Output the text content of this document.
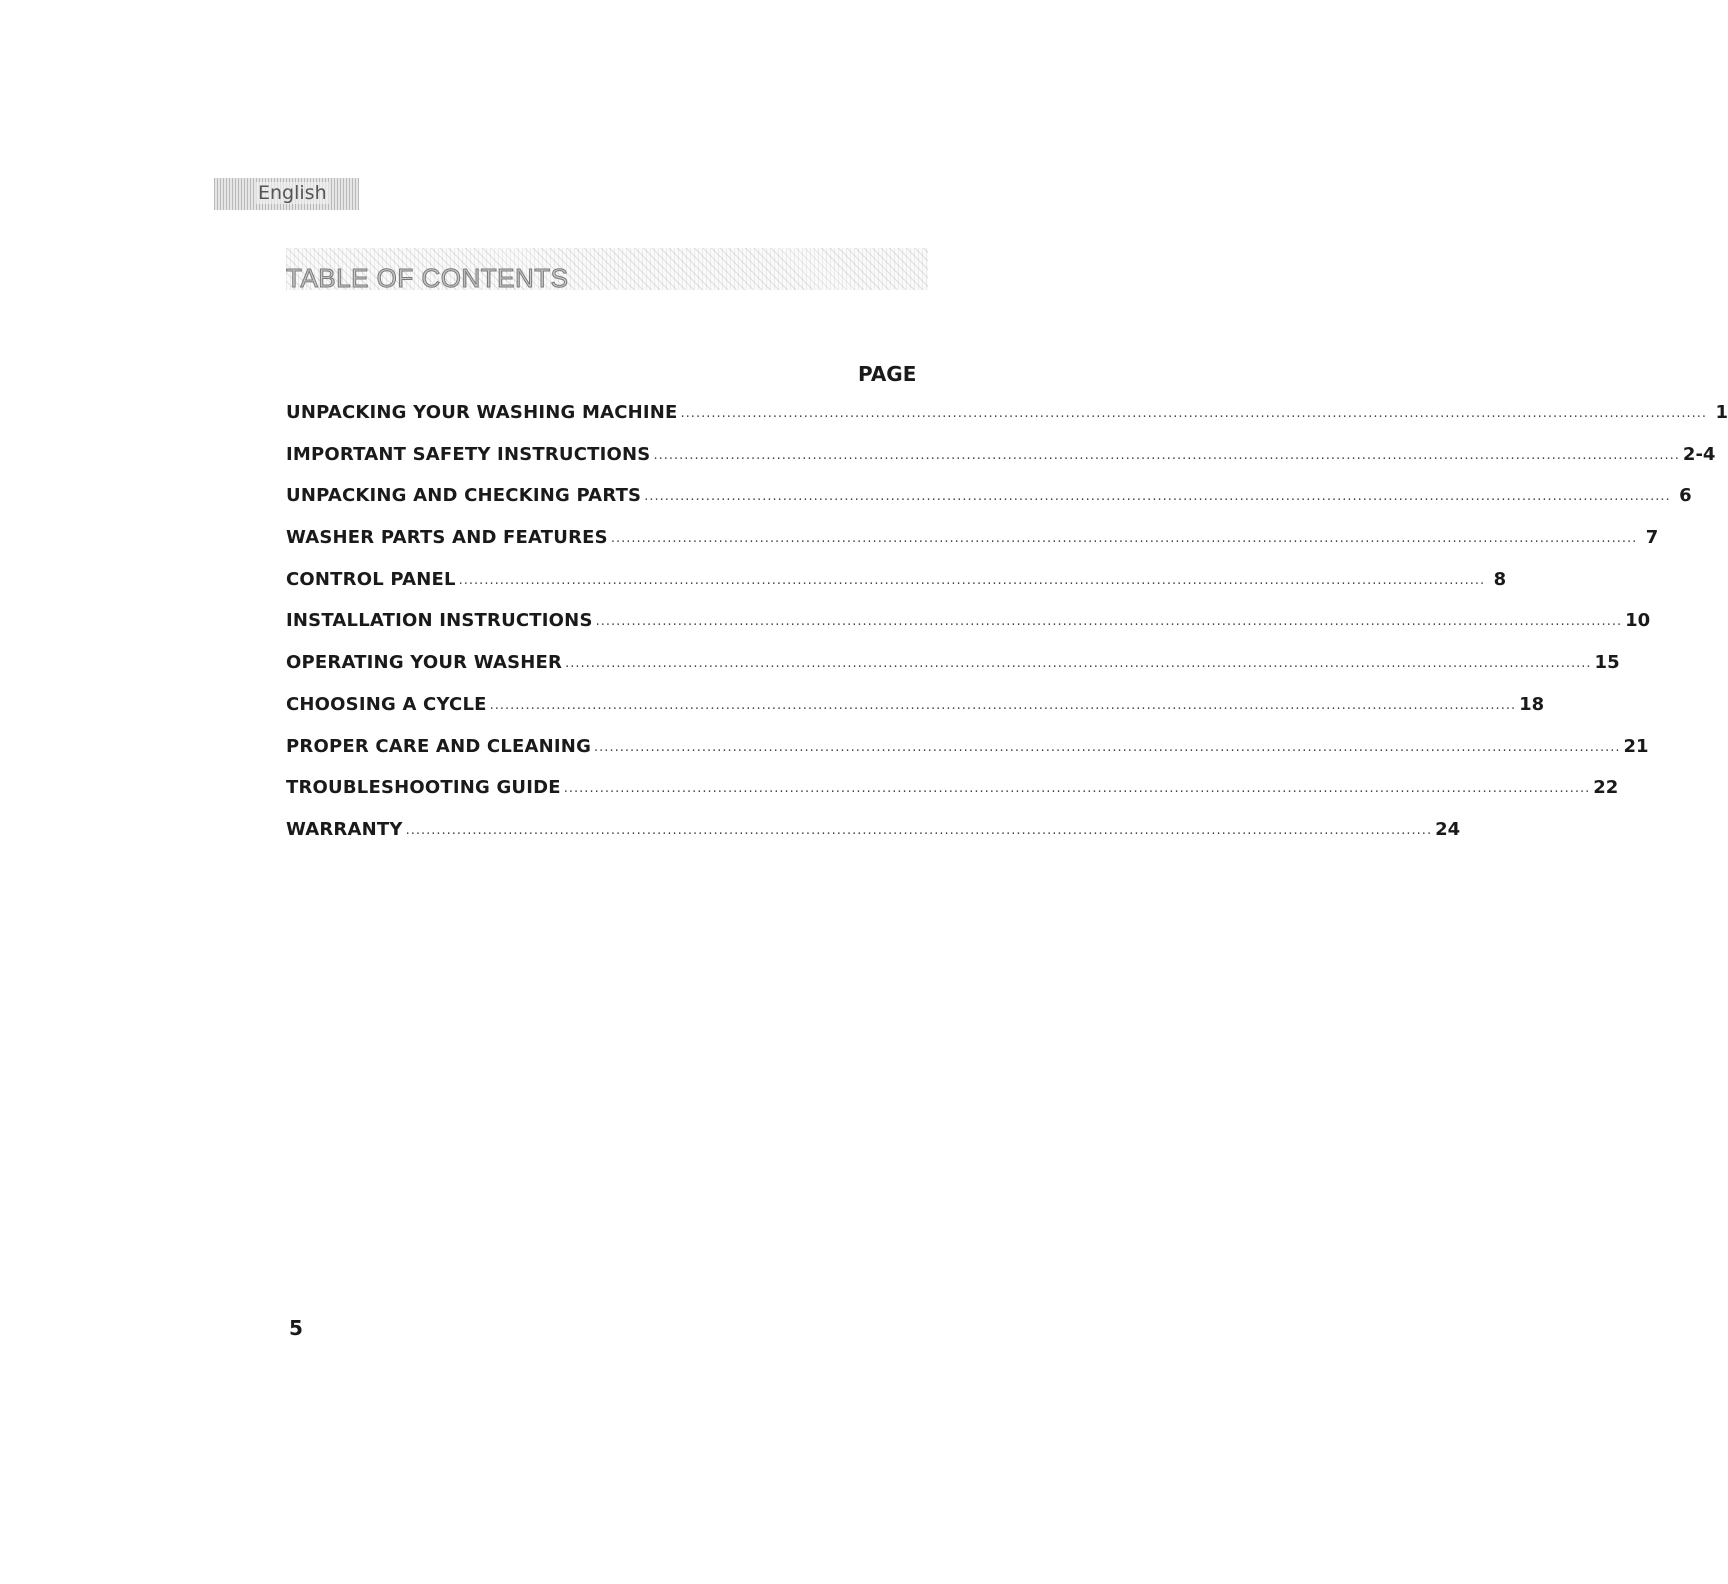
English
TABLE OF CONTENTS
PAGE
UNPACKING YOUR WASHING MACHINE ........................................................................................................................................................................................................ 1
IMPORTANT SAFETY INSTRUCTIONS ........................................................................................................................................................................................................ 2-4
UNPACKING AND CHECKING PARTS ........................................................................................................................................................................................................ 6
WASHER PARTS AND FEATURES ........................................................................................................................................................................................................ 7
CONTROL PANEL ........................................................................................................................................................................................................ 8
INSTALLATION INSTRUCTIONS ........................................................................................................................................................................................................ 10
OPERATING YOUR WASHER ........................................................................................................................................................................................................ 15
CHOOSING A CYCLE ........................................................................................................................................................................................................ 18
PROPER CARE AND CLEANING ........................................................................................................................................................................................................ 21
TROUBLESHOOTING GUIDE ........................................................................................................................................................................................................ 22
WARRANTY ........................................................................................................................................................................................................ 24
5
